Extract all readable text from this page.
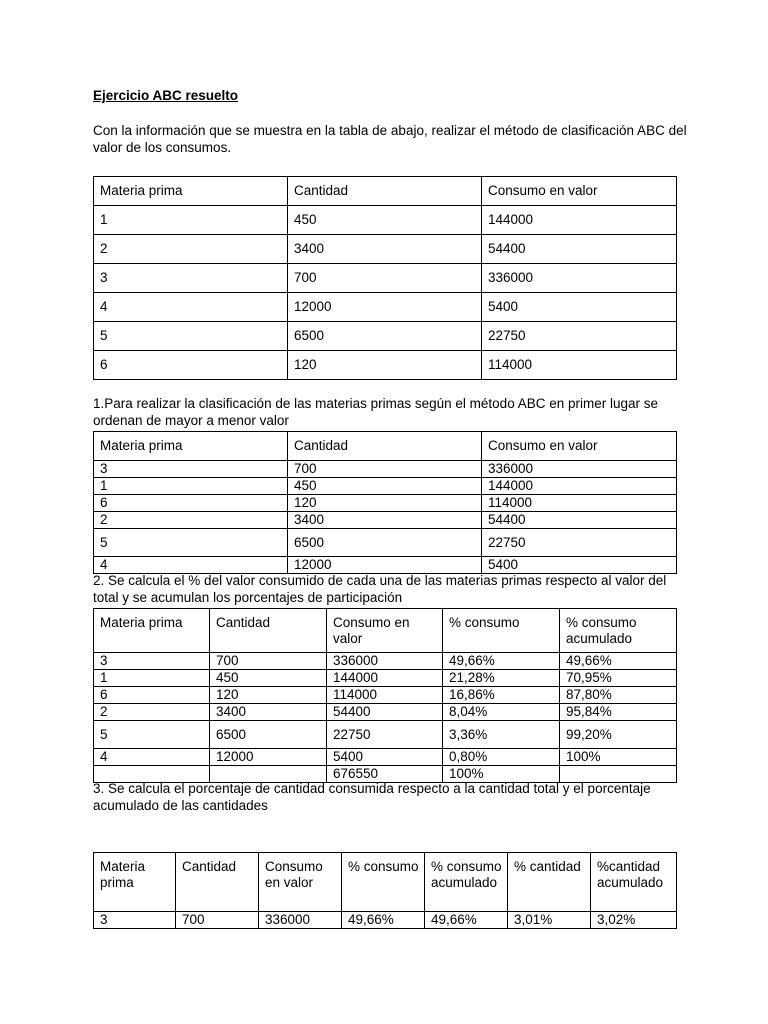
Ejercicio ABC resuelto

Con la información que se muestra en la tabla de abajo, realizar el método de clasificación ABC del valor de los consumos.

Materia prima	Cantidad	Consumo en valor
1	450	144000
2	3400	54400
3	700	336000
4	12000	5400
5	6500	22750
6	120	114000

1.Para realizar la clasificación de las materias primas según el método ABC en primer lugar se ordenan de mayor a menor valor

Materia prima	Cantidad	Consumo en valor
3	700	336000
1	450	144000
6	120	114000
2	3400	54400
5	6500	22750
4	12000	5400

2. Se calcula el % del valor consumido de cada una de las materias primas respecto al valor del total y se acumulan los porcentajes de participación

Materia prima	Cantidad	Consumo en valor	% consumo	% consumo acumulado
3	700	336000	49,66%	49,66%
1	450	144000	21,28%	70,95%
6	120	114000	16,86%	87,80%
2	3400	54400	8,04%	95,84%
5	6500	22750	3,36%	99,20%
4	12000	5400	0,80%	100%
		676550	100%	

3. Se calcula el porcentaje de cantidad consumida respecto a la cantidad total y el porcentaje acumulado de las cantidades

Materia prima	Cantidad	Consumo en valor	% consumo	% consumo acumulado	% cantidad	%cantidad acumulado
3	700	336000	49,66%	49,66%	3,01%	3,02%
